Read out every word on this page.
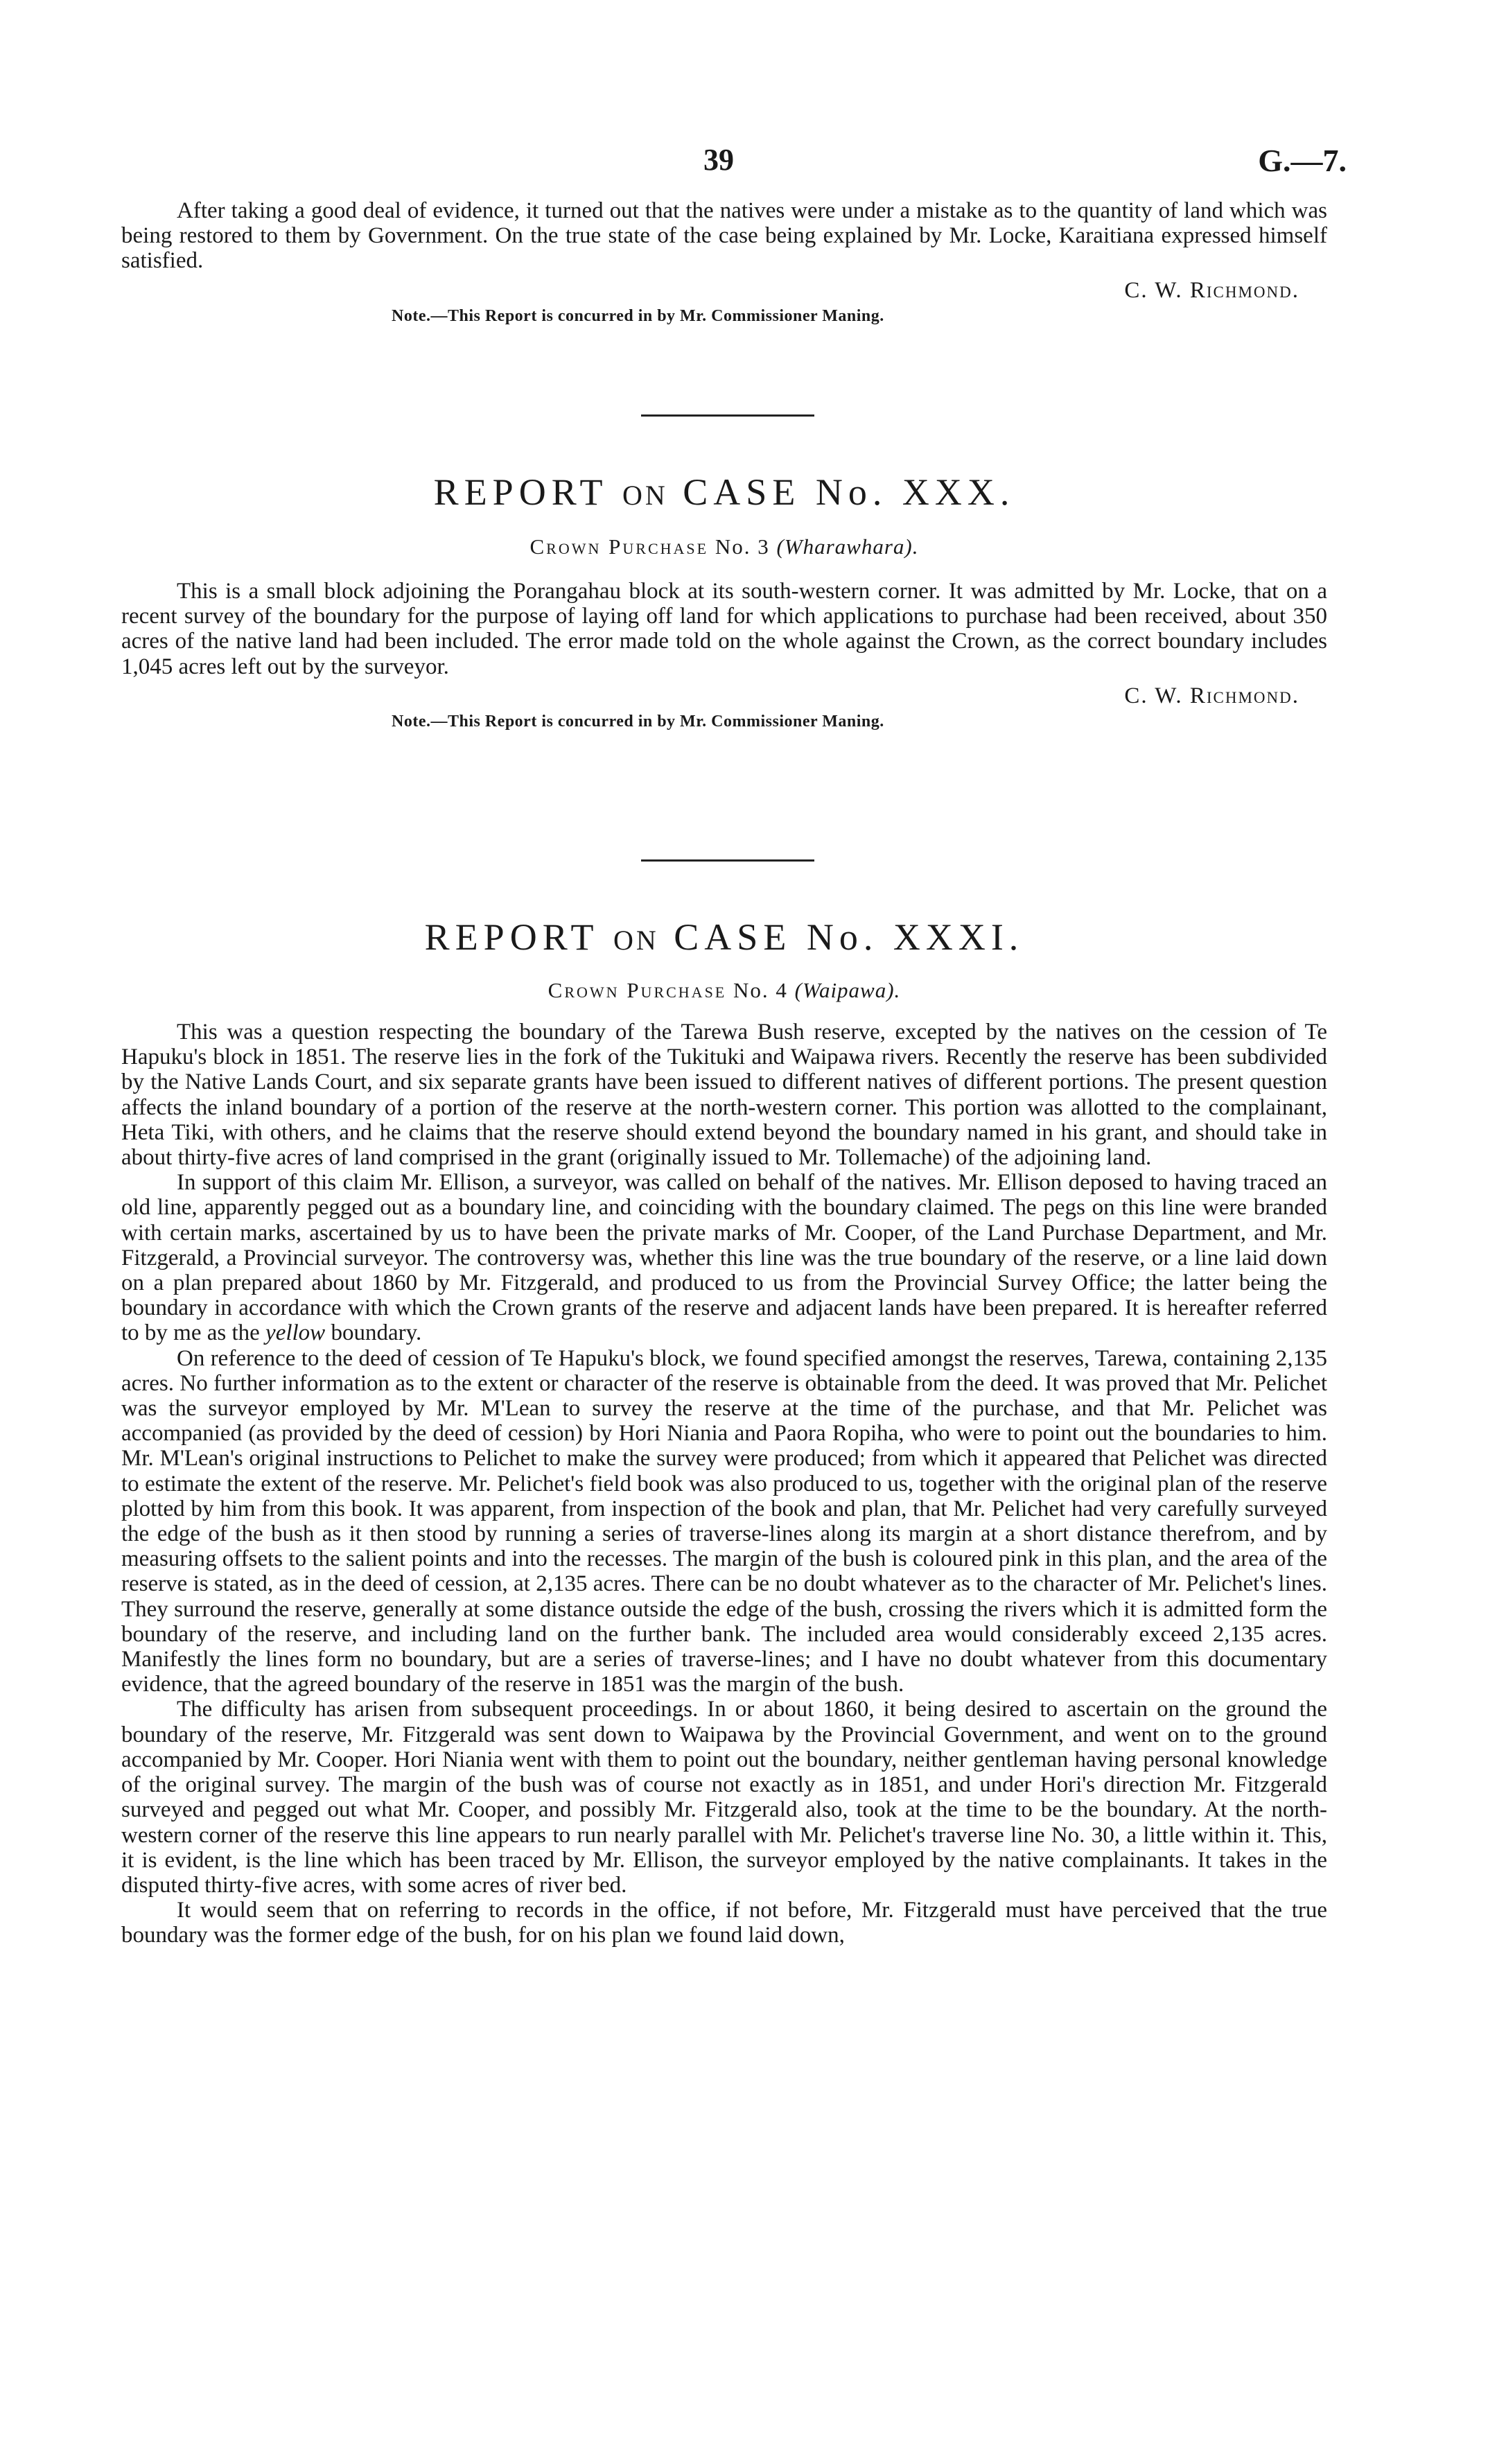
39	G.—7.

After taking a good deal of evidence, it turned out that the natives were under a mistake as to the quantity of land which was being restored to them by Government. On the true state of the case being explained by Mr. Locke, Karaitiana expressed himself satisfied.

C. W. Richmond.
Note.—This Report is concurred in by Mr. Commissioner Maning.
REPORT ON CASE No. XXX.
Crown Purchase No. 3 (Wharawhara).

This is a small block adjoining the Porangahau block at its south-western corner. It was admitted by Mr. Locke, that on a recent survey of the boundary for the purpose of laying off land for which applications to purchase had been received, about 350 acres of the native land had been included. The error made told on the whole against the Crown, as the correct boundary includes 1,045 acres left out by the surveyor.

C. W. Richmond.
Note.—This Report is concurred in by Mr. Commissioner Maning.
REPORT ON CASE No. XXXI.
Crown Purchase No. 4 (Waipawa).

This was a question respecting the boundary of the Tarewa Bush reserve, excepted by the natives on the cession of Te Hapuku's block in 1851. The reserve lies in the fork of the Tukituki and Waipawa rivers. Recently the reserve has been subdivided by the Native Lands Court, and six separate grants have been issued to different natives of different portions. The present question affects the inland boundary of a portion of the reserve at the north-western corner. This portion was allotted to the complainant, Heta Tiki, with others, and he claims that the reserve should extend beyond the boundary named in his grant, and should take in about thirty-five acres of land comprised in the grant (originally issued to Mr. Tollemache) of the adjoining land.

In support of this claim Mr. Ellison, a surveyor, was called on behalf of the natives. Mr. Ellison deposed to having traced an old line, apparently pegged out as a boundary line, and coinciding with the boundary claimed. The pegs on this line were branded with certain marks, ascertained by us to have been the private marks of Mr. Cooper, of the Land Purchase Department, and Mr. Fitzgerald, a Provincial surveyor. The controversy was, whether this line was the true boundary of the reserve, or a line laid down on a plan prepared about 1860 by Mr. Fitzgerald, and produced to us from the Provincial Survey Office; the latter being the boundary in accordance with which the Crown grants of the reserve and adjacent lands have been prepared. It is hereafter referred to by me as the yellow boundary.

On reference to the deed of cession of Te Hapuku's block, we found specified amongst the reserves, Tarewa, containing 2,135 acres. No further information as to the extent or character of the reserve is obtainable from the deed. It was proved that Mr. Pelichet was the surveyor employed by Mr. M'Lean to survey the reserve at the time of the purchase, and that Mr. Pelichet was accompanied (as provided by the deed of cession) by Hori Niania and Paora Ropiha, who were to point out the boundaries to him. Mr. M'Lean's original instructions to Pelichet to make the survey were produced; from which it appeared that Pelichet was directed to estimate the extent of the reserve. Mr. Pelichet's field book was also produced to us, together with the original plan of the reserve plotted by him from this book. It was apparent, from inspection of the book and plan, that Mr. Pelichet had very carefully surveyed the edge of the bush as it then stood by running a series of traverse-lines along its margin at a short distance therefrom, and by measuring offsets to the salient points and into the recesses. The margin of the bush is coloured pink in this plan, and the area of the reserve is stated, as in the deed of cession, at 2,135 acres. There can be no doubt whatever as to the character of Mr. Pelichet's lines. They surround the reserve, generally at some distance outside the edge of the bush, crossing the rivers which it is admitted form the boundary of the reserve, and including land on the further bank. The included area would considerably exceed 2,135 acres. Manifestly the lines form no boundary, but are a series of traverse-lines; and I have no doubt whatever from this documentary evidence, that the agreed boundary of the reserve in 1851 was the margin of the bush.

The difficulty has arisen from subsequent proceedings. In or about 1860, it being desired to ascertain on the ground the boundary of the reserve, Mr. Fitzgerald was sent down to Waipawa by the Provincial Government, and went on to the ground accompanied by Mr. Cooper. Hori Niania went with them to point out the boundary, neither gentleman having personal knowledge of the original survey. The margin of the bush was of course not exactly as in 1851, and under Hori's direction Mr. Fitzgerald surveyed and pegged out what Mr. Cooper, and possibly Mr. Fitzgerald also, took at the time to be the boundary. At the north-western corner of the reserve this line appears to run nearly parallel with Mr. Pelichet's traverse line No. 30, a little within it. This, it is evident, is the line which has been traced by Mr. Ellison, the surveyor employed by the native complainants. It takes in the disputed thirty-five acres, with some acres of river bed.

It would seem that on referring to records in the office, if not before, Mr. Fitzgerald must have perceived that the true boundary was the former edge of the bush, for on his plan we found laid down,
